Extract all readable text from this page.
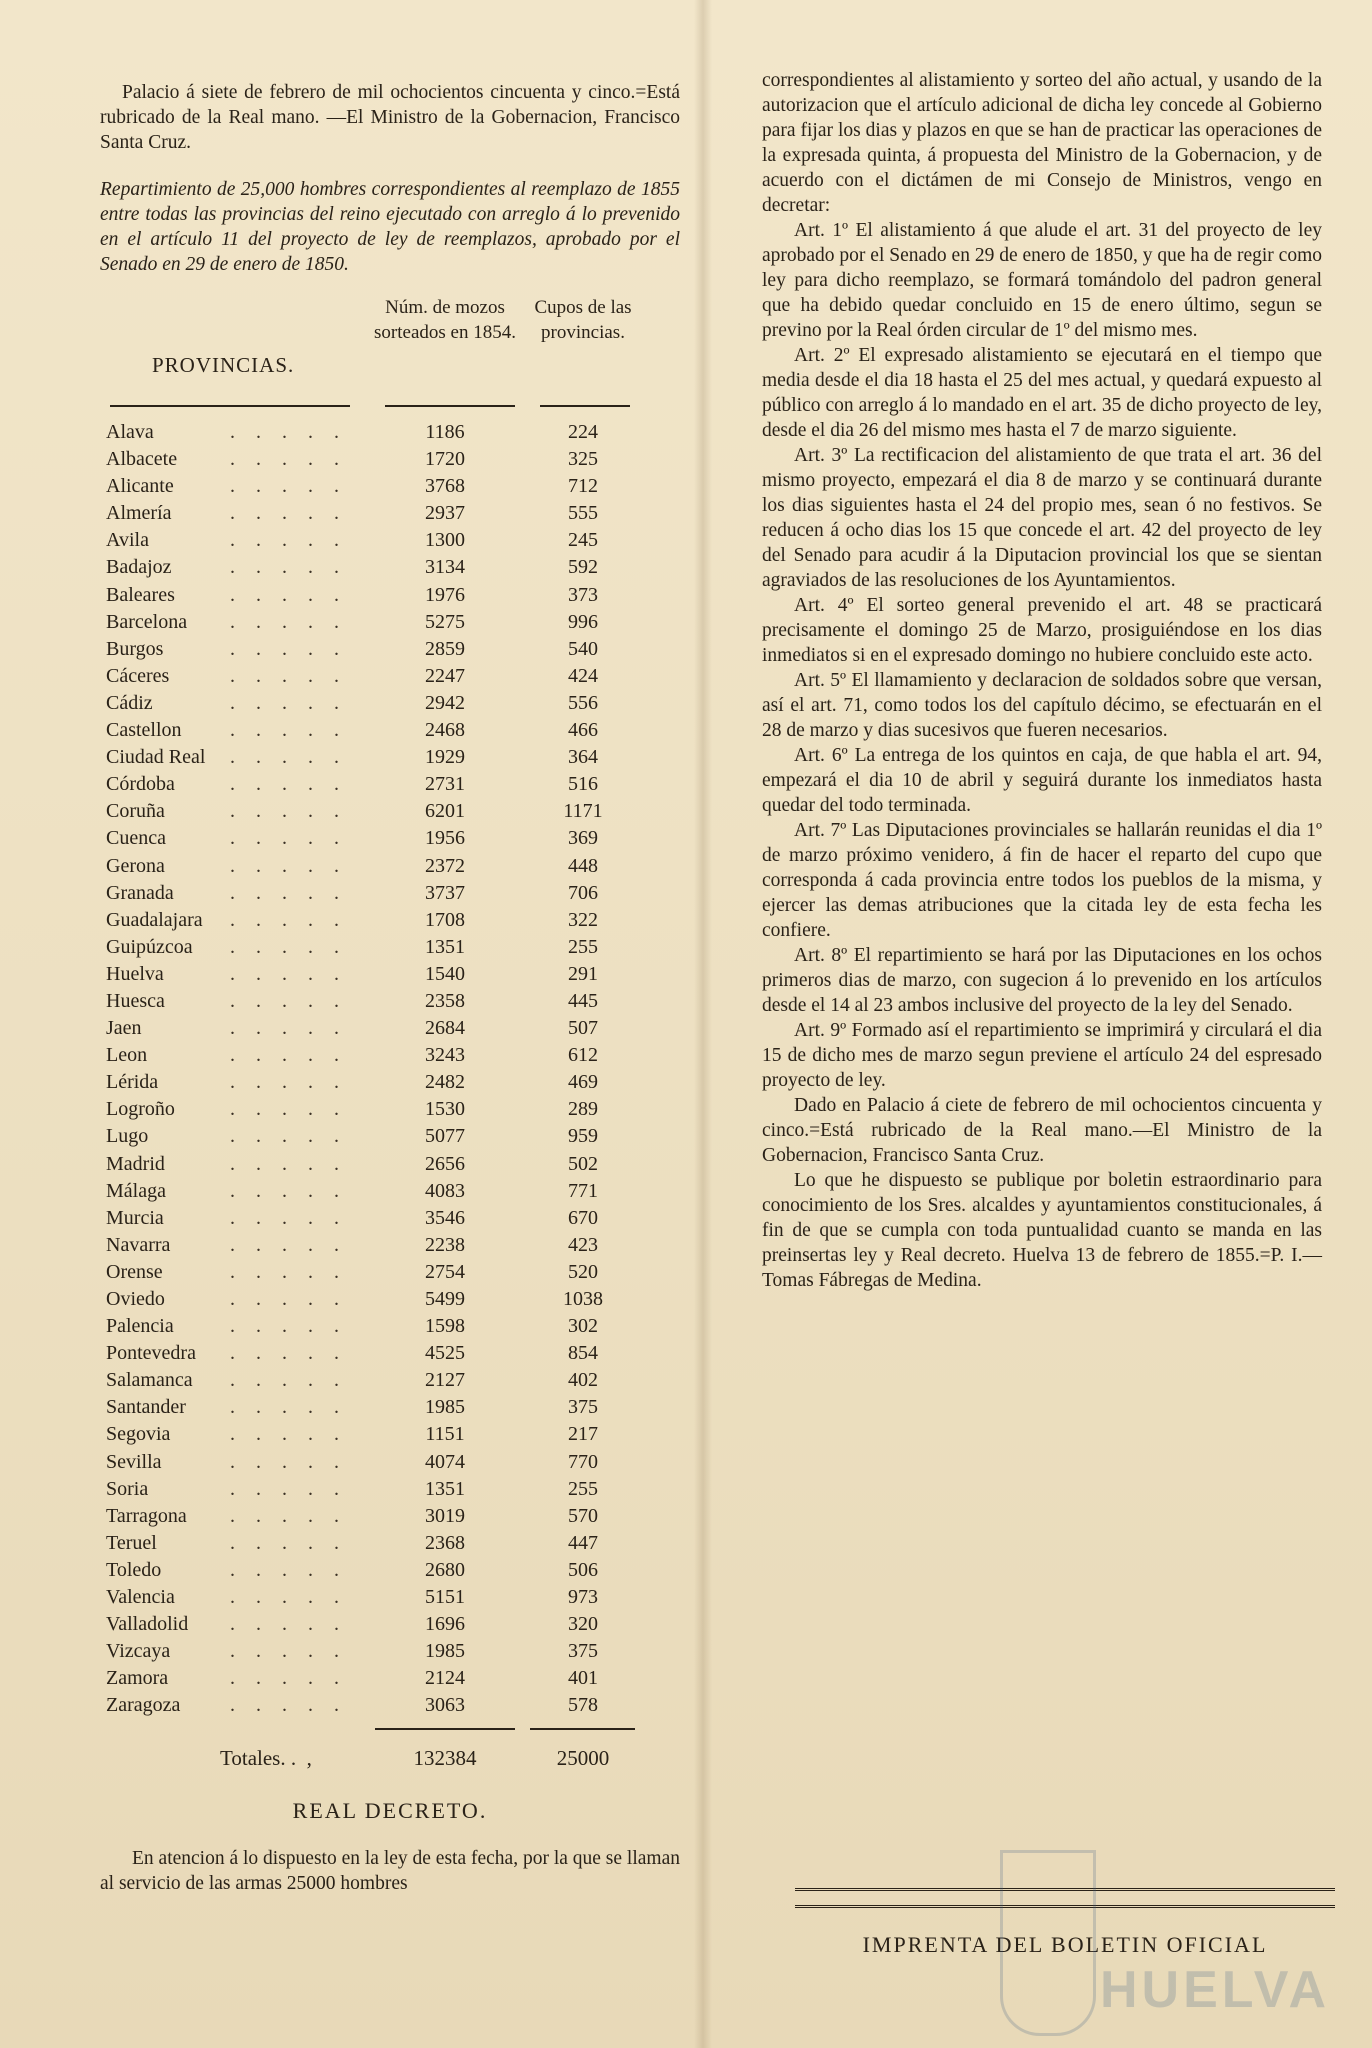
Palacio á siete de febrero de mil ochocientos cincuenta y cinco.=Está rubricado de la Real mano. —El Ministro de la Gobernacion, Francisco Santa Cruz.

Repartimiento de 25,000 hombres correspondientes al reemplazo de 1855 entre todas las provincias del reino ejecutado con arreglo á lo prevenido en el artículo 11 del proyecto de ley de reemplazos, aprobado por el Senado en 29 de enero de 1850.

PROVINCIAS.
Núm. de mozos sorteados en 1854.
Cupos de las provincias.
Alava	. . . . .	1186	224
Albacete	. . . . .	1720	325
Alicante	. . . . .	3768	712
Almería	. . . . .	2937	555
Avila	. . . . .	1300	245
Badajoz	. . . . .	3134	592
Baleares	. . . . .	1976	373
Barcelona . . . . .	5275	996
Burgos	. . . . .	2859	540
Cáceres	. . . . .	2247	424
Cádiz	. . . . .	2942	556
Castellon . . . . .	2468	466
Ciudad Real . . . . .	1929	364
Córdoba	. . . . .	2731	516
Coruña	. . . . .	6201	1171
Cuenca	. . . . .	1956	369
Gerona	. . . . .	2372	448
Granada	. . . . .	3737	706
Guadalajara . . . . .	1708	322
Guipúzcoa . . . . .	1351	255
Huelva	. . . . .	1540	291
Huesca	. . . . .	2358	445
Jaen	. . . . .	2684	507
Leon	. . . . .	3243	612
Lérida	. . . . .	2482	469
Logroño	. . . . .	1530	289
Lugo	. . . . .	5077	959
Madrid	. . . . .	2656	502
Málaga	. . . . .	4083	771
Murcia	. . . . .	3546	670
Navarra	. . . . .	2238	423
Orense	. . . . .	2754	520
Oviedo	. . . . .	5499	1038
Palencia	. . . . .	1598	302
Pontevedra . . . . .	4525	854
Salamanca . . . . .	2127	402
Santander . . . . .	1985	375
Segovia	. . . . .	1151	217
Sevilla	. . . . .	4074	770
Soria	. . . . .	1351	255
Tarragona . . . . .	3019	570
Teruel	. . . . .	2368	447
Toledo	. . . . .	2680	506
Valencia	. . . . .	5151	973
Valladolid . . . . .	1696	320
Vizcaya	. . . . .	1985	375
Zamora	. . . . .	2124	401
Zaragoza . . . . .	3063	578
Totales. .  ,	132384	25000
REAL DECRETO.

En atencion á lo dispuesto en la ley de esta fecha, por la que se llaman al servicio de las armas 25000 hombres

correspondientes al alistamiento y sorteo del año actual, y usando de la autorizacion que el artículo adicional de dicha ley concede al Gobierno para fijar los dias y plazos en que se han de practicar las operaciones de la expresada quinta, á propuesta del Ministro de la Gobernacion, y de acuerdo con el dictámen de mi Consejo de Ministros, vengo en decretar:

Art. 1º El alistamiento á que alude el art. 31 del proyecto de ley aprobado por el Senado en 29 de enero de 1850, y que ha de regir como ley para dicho reemplazo, se formará tomándolo del padron general que ha debido quedar concluido en 15 de enero último, segun se previno por la Real órden circular de 1º del mismo mes.

Art. 2º El expresado alistamiento se ejecutará en el tiempo que media desde el dia 18 hasta el 25 del mes actual, y quedará expuesto al público con arreglo á lo mandado en el art. 35 de dicho proyecto de ley, desde el dia 26 del mismo mes hasta el 7 de marzo siguiente.

Art. 3º La rectificacion del alistamiento de que trata el art. 36 del mismo proyecto, empezará el dia 8 de marzo y se continuará durante los dias siguientes hasta el 24 del propio mes, sean ó no festivos. Se reducen á ocho dias los 15 que concede el art. 42 del proyecto de ley del Senado para acudir á la Diputacion provincial los que se sientan agraviados de las resoluciones de los Ayuntamientos.

Art. 4º El sorteo general prevenido el art. 48 se practicará precisamente el domingo 25 de Marzo, prosiguiéndose en los dias inmediatos si en el expresado domingo no hubiere concluido este acto.

Art. 5º El llamamiento y declaracion de soldados sobre que versan, así el art. 71, como todos los del capítulo décimo, se efectuarán en el 28 de marzo y dias sucesivos que fueren necesarios.

Art. 6º La entrega de los quintos en caja, de que habla el art. 94, empezará el dia 10 de abril y seguirá durante los inmediatos hasta quedar del todo terminada.

Art. 7º Las Diputaciones provinciales se hallarán reunidas el dia 1º de marzo próximo venidero, á fin de hacer el reparto del cupo que corresponda á cada provincia entre todos los pueblos de la misma, y ejercer las demas atribuciones que la citada ley de esta fecha les confiere.

Art. 8º El repartimiento se hará por las Diputaciones en los ochos primeros dias de marzo, con sugecion á lo prevenido en los artículos desde el 14 al 23 ambos inclusive del proyecto de la ley del Senado.

Art. 9º Formado así el repartimiento se imprimirá y circulará el dia 15 de dicho mes de marzo segun previene el artículo 24 del espresado proyecto de ley.

Dado en Palacio á ciete de febrero de mil ochocientos cincuenta y cinco.=Está rubricado de la Real mano.—El Ministro de la Gobernacion, Francisco Santa Cruz.

Lo que he dispuesto se publique por boletin estraordinario para conocimiento de los Sres. alcaldes y ayuntamientos constitucionales, á fin de que se cumpla con toda puntualidad cuanto se manda en las preinsertas ley y Real decreto. Huelva 13 de febrero de 1855.=P. I.—Tomas Fábregas de Medina.

IMPRENTA DEL BOLETIN OFICIAL
HUELVA
